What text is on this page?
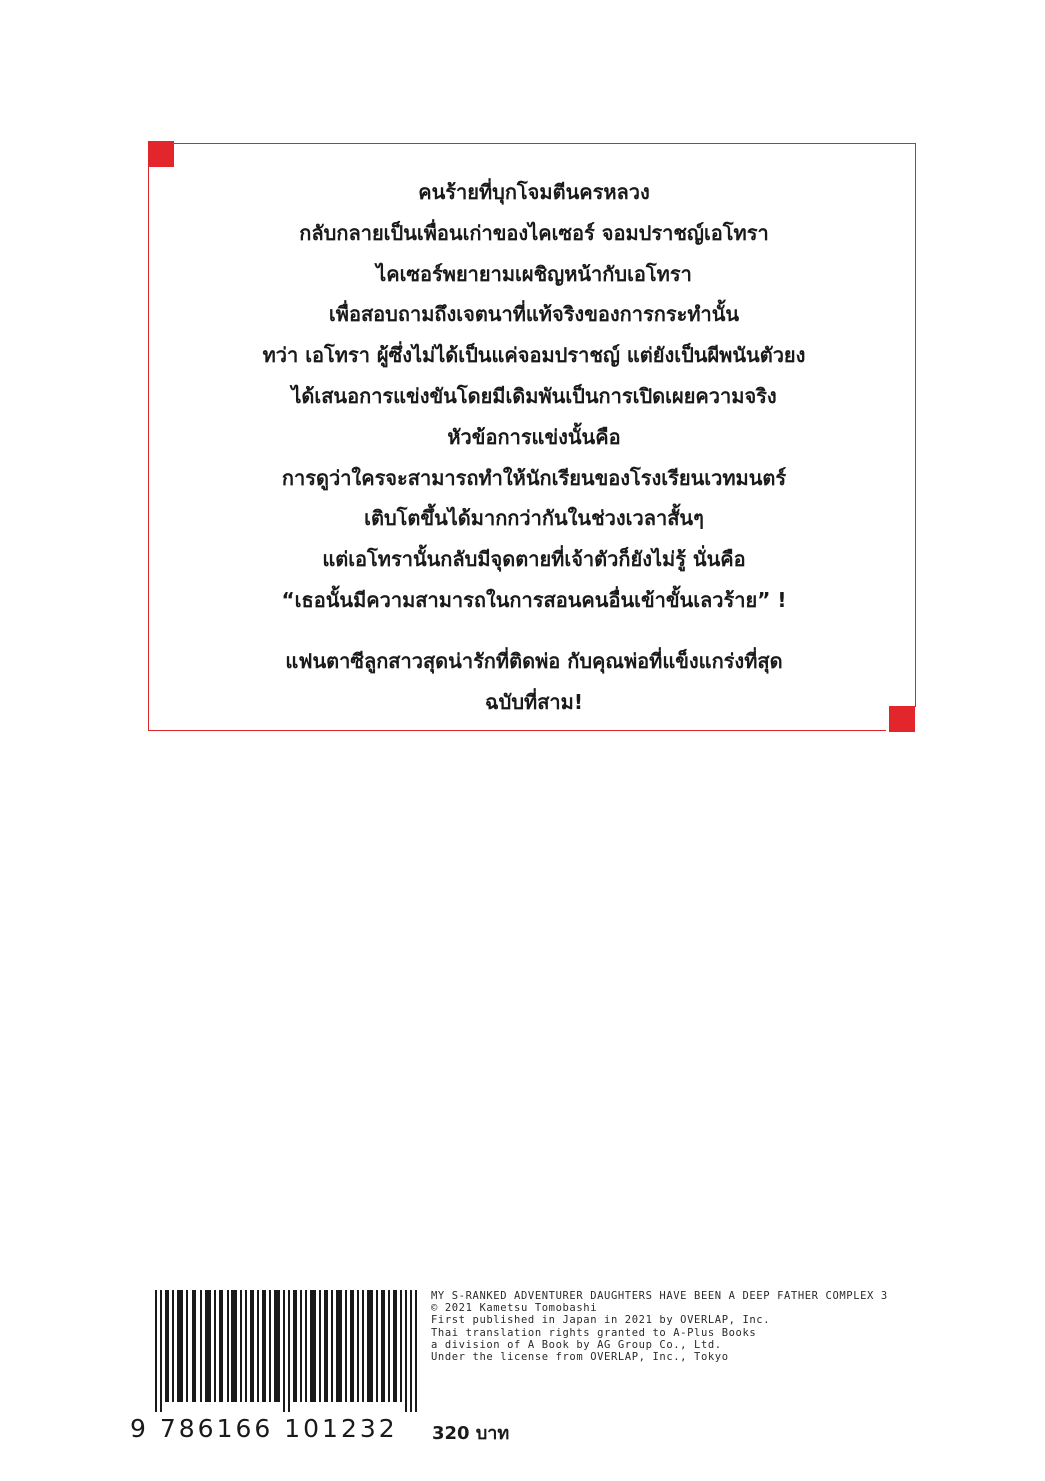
คนร้ายที่บุกโจมตีนครหลวง
กลับกลายเป็นเพื่อนเก่าของไคเซอร์ จอมปราชญ์เอโทรา
ไคเซอร์พยายามเผชิญหน้ากับเอโทรา
เพื่อสอบถามถึงเจตนาที่แท้จริงของการกระทำนั้น
ทว่า เอโทรา ผู้ซึ่งไม่ได้เป็นแค่จอมปราชญ์ แต่ยังเป็นผีพนันตัวยง
ได้เสนอการแข่งขันโดยมีเดิมพันเป็นการเปิดเผยความจริง
หัวข้อการแข่งนั้นคือ
การดูว่าใครจะสามารถทำให้นักเรียนของโรงเรียนเวทมนตร์
เติบโตขึ้นได้มากกว่ากันในช่วงเวลาสั้นๆ
แต่เอโทรานั้นกลับมีจุดตายที่เจ้าตัวก็ยังไม่รู้ นั่นคือ
“เธอนั้นมีความสามารถในการสอนคนอื่นเข้าขั้นเลวร้าย” !
แฟนตาซีลูกสาวสุดน่ารักที่ติดพ่อ กับคุณพ่อที่แข็งแกร่งที่สุด
ฉบับที่สาม!
9 786166 101232 320 บาท
MY S-RANKED ADVENTURER DAUGHTERS HAVE BEEN A DEEP FATHER COMPLEX 3
© 2021 Kametsu Tomobashi
First published in Japan in 2021 by OVERLAP, Inc.
Thai translation rights granted to A-Plus Books
a division of A Book by AG Group Co., Ltd.
Under the license from OVERLAP, Inc., Tokyo
